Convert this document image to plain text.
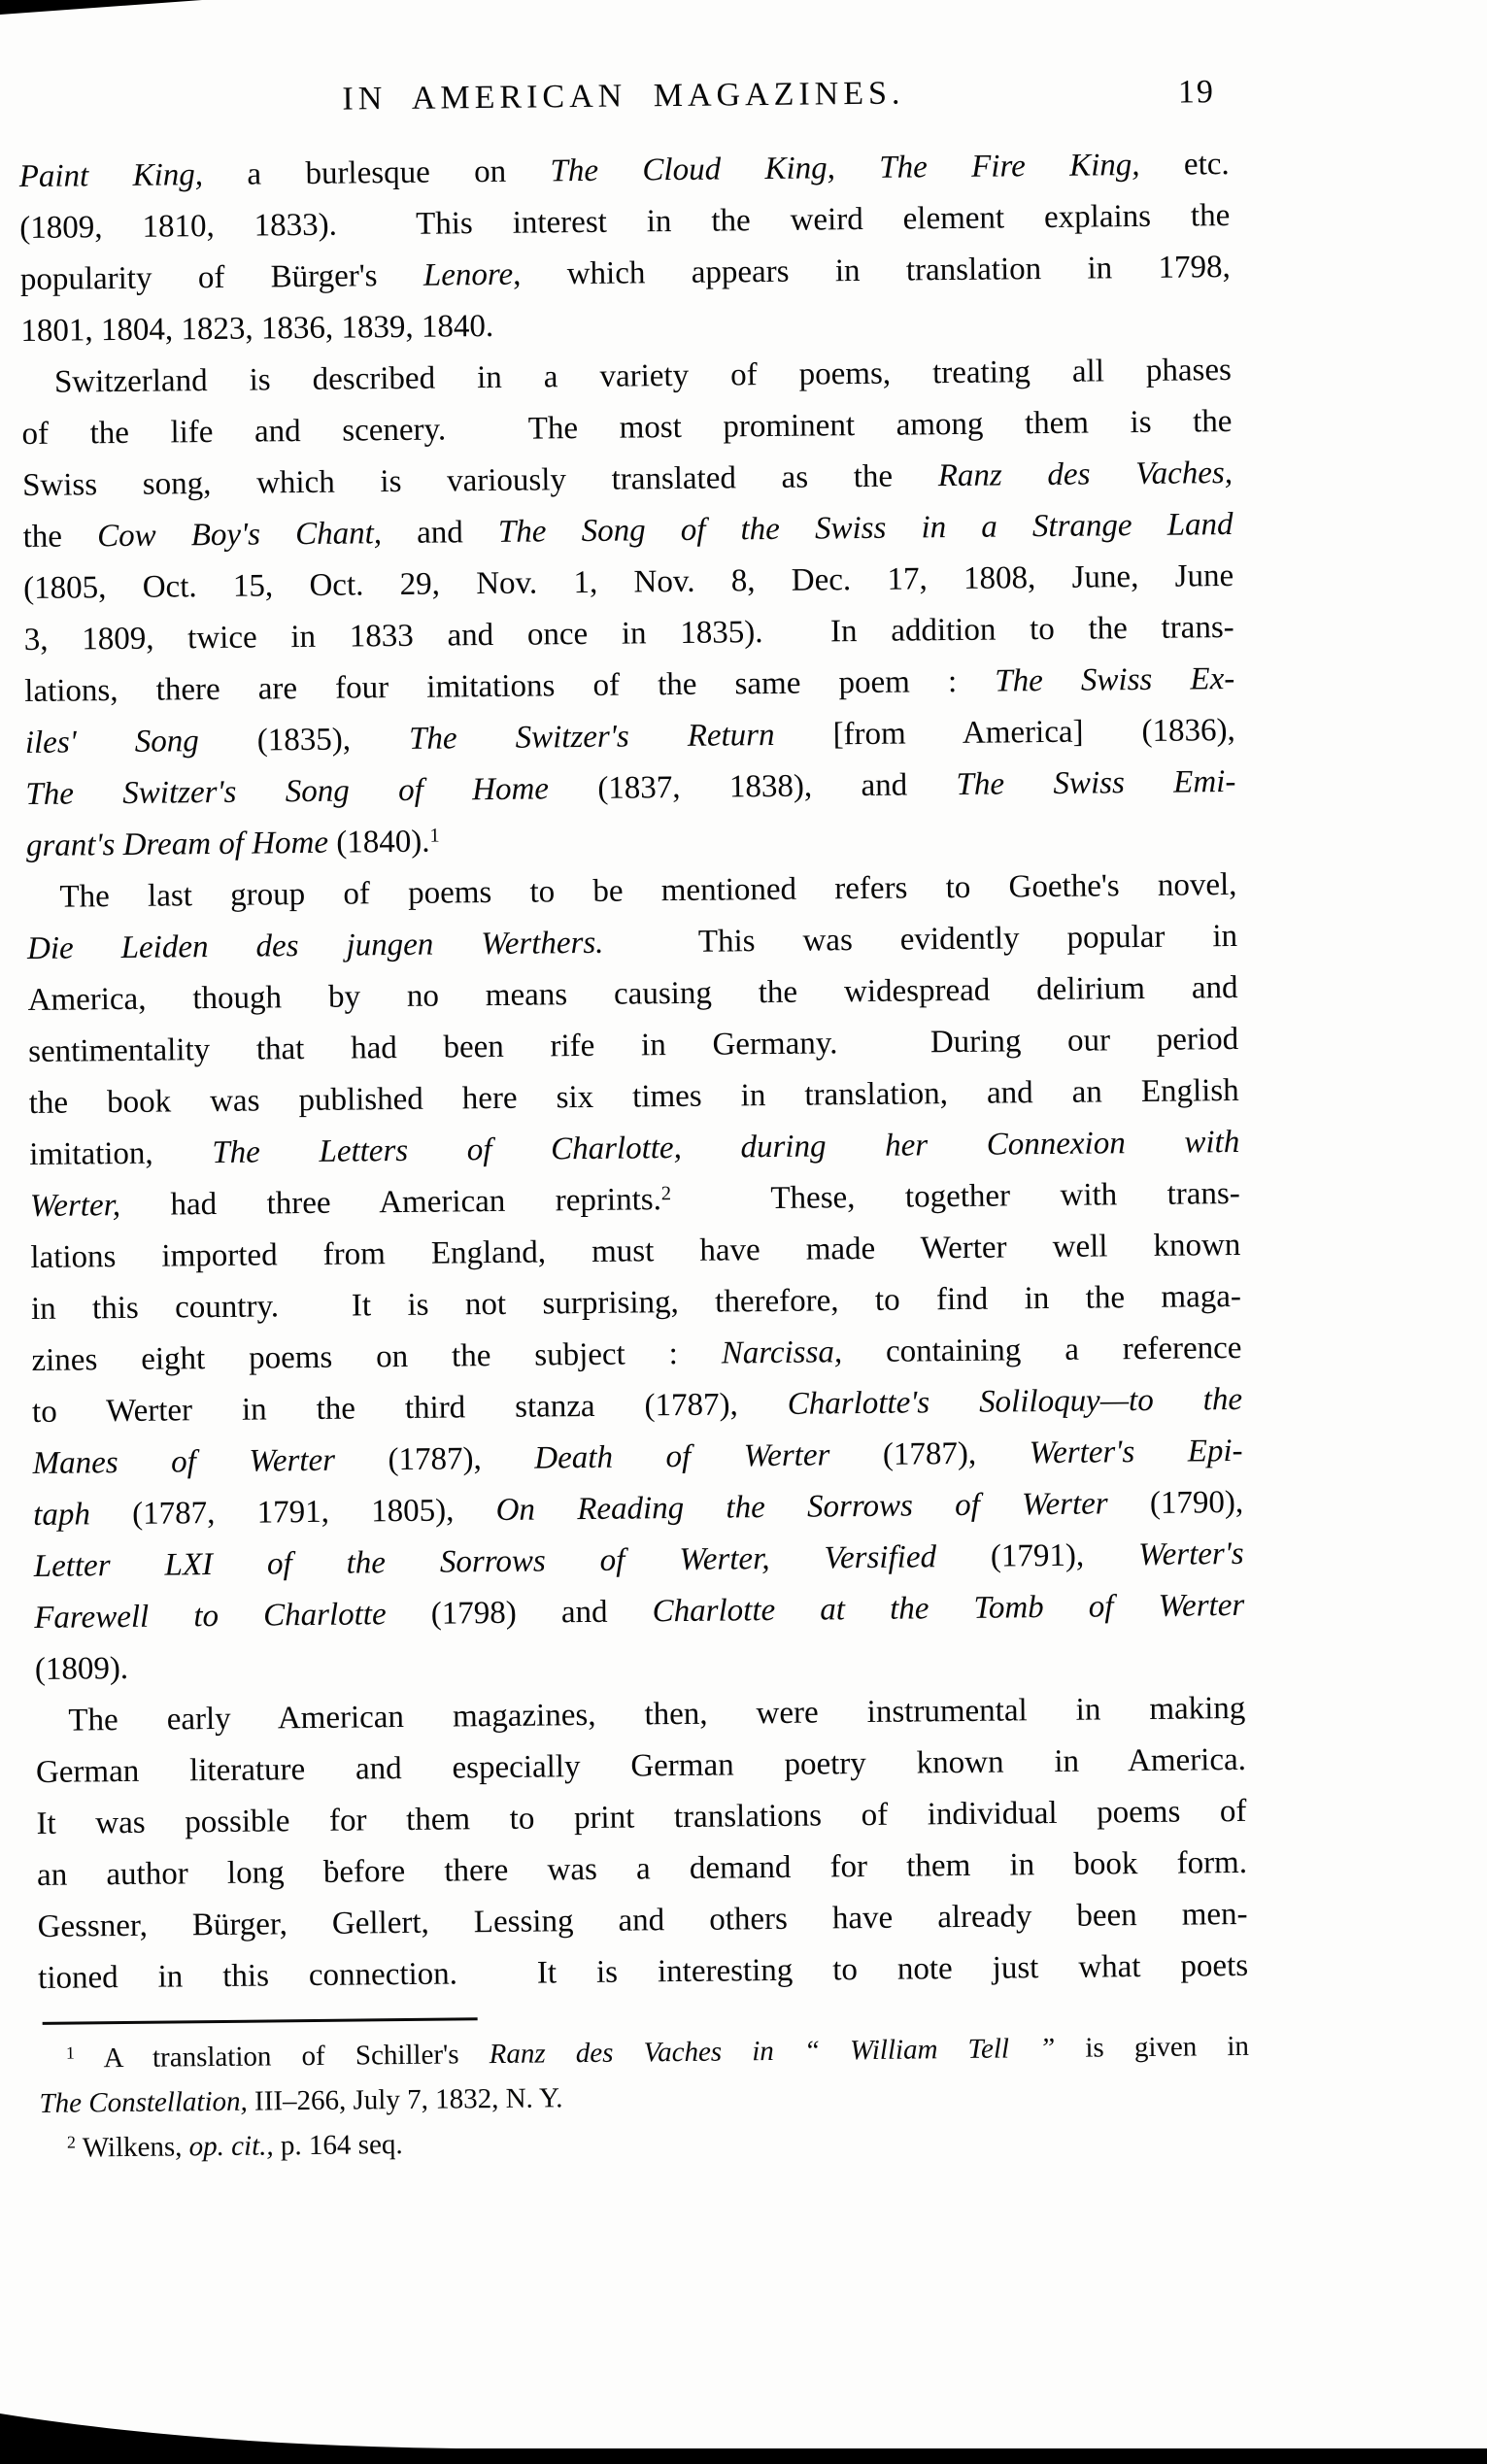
IN AMERICAN MAGAZINES.	19
Paint King, a burlesque on The Cloud King, The Fire King, etc.
(1809, 1810, 1833).  This interest in the weird element explains the
popularity of Bürger's Lenore, which appears in translation in 1798,
1801, 1804, 1823, 1836, 1839, 1840.
Switzerland is described in a variety of poems, treating all phases
of the life and scenery.  The most prominent among them is the
Swiss song, which is variously translated as the Ranz des Vaches,
the Cow Boy's Chant, and The Song of the Swiss in a Strange Land
(1805, Oct. 15, Oct. 29, Nov. 1, Nov. 8, Dec. 17, 1808, June, June
3, 1809, twice in 1833 and once in 1835).  In addition to the trans-
lations, there are four imitations of the same poem : The Swiss Ex-
iles' Song (1835), The Switzer's Return [from America] (1836),
The Switzer's Song of Home (1837, 1838), and The Swiss Emi-
grant's Dream of Home (1840).$^1$
The last group of poems to be mentioned refers to Goethe's novel,
Die Leiden des jungen Werthers.  This was evidently popular in
America, though by no means causing the widespread delirium and
sentimentality that had been rife in Germany.  During our period
the book was published here six times in translation, and an English
imitation, The Letters of Charlotte, during her Connexion with
Werter, had three American reprints.$^2$  These, together with trans-
lations imported from England, must have made Werter well known
in this country.  It is not surprising, therefore, to find in the maga-
zines eight poems on the subject : Narcissa, containing a reference
to Werter in the third stanza (1787), Charlotte's Soliloquy—to the
Manes of Werter (1787), Death of Werter (1787), Werter's Epi-
taph (1787, 1791, 1805), On Reading the Sorrows of Werter (1790),
Letter LXI of the Sorrows of Werter, Versified (1791), Werter's
Farewell to Charlotte (1798) and Charlotte at the Tomb of Werter
(1809).
The early American magazines, then, were instrumental in making
German literature and especially German poetry known in America.
It was possible for them to print translations of individual poems of
an author long ḃefore there was a demand for them in book form.
Gessner, Bürger, Gellert, Lessing and others have already been men-
tioned in this connection.  It is interesting to note just what poets
$^1$ A translation of Schiller's Ranz des Vaches in “ William Tell ” is given in
The Constellation, III–266, July 7, 1832, N. Y.
$^2$ Wilkens, op. cit., p. 164 seq.
